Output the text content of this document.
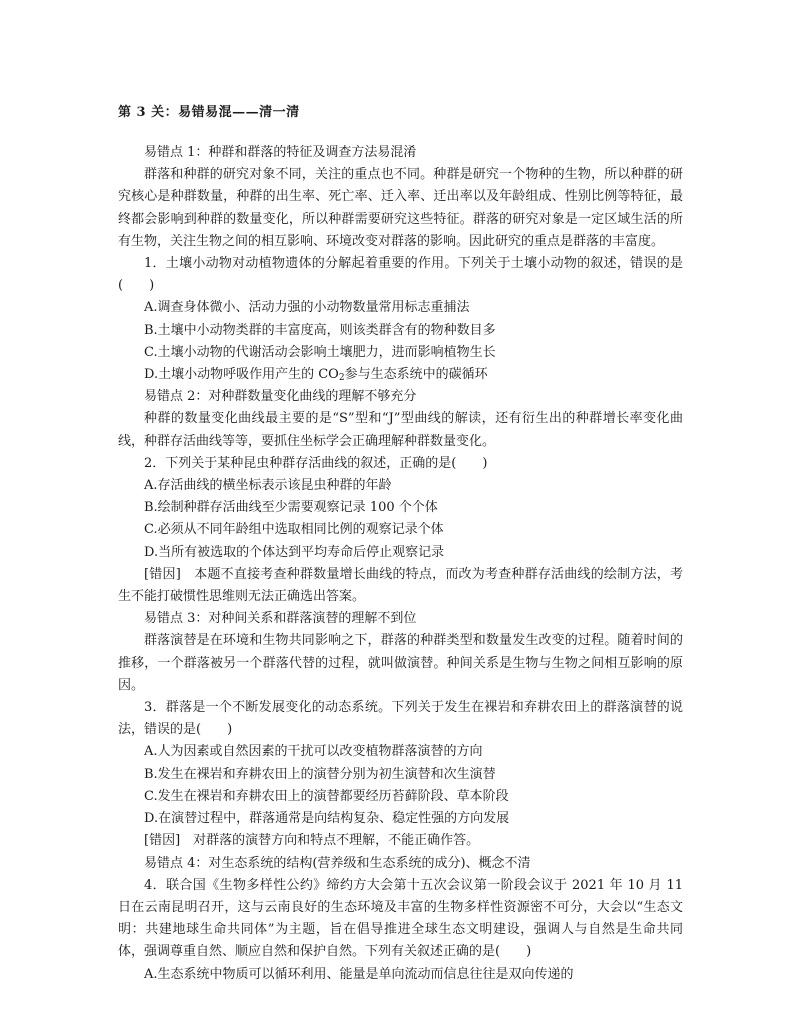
第 3 关：易错易混——清一清

易错点 1：种群和群落的特征及调查方法易混淆

群落和种群的研究对象不同，关注的重点也不同。种群是研究一个物种的生物，所以种群的研究核心是种群数量，种群的出生率、死亡率、迁入率、迁出率以及年龄组成、性别比例等特征，最终都会影响到种群的数量变化，所以种群需要研究这些特征。群落的研究对象是一定区域生活的所有生物，关注生物之间的相互影响、环境改变对群落的影响。因此研究的重点是群落的丰富度。

1．土壤小动物对动植物遗体的分解起着重要的作用。下列关于土壤小动物的叙述，错误的是(　　)

A.调查身体微小、活动力强的小动物数量常用标志重捕法

B.土壤中小动物类群的丰富度高，则该类群含有的物种数目多

C.土壤小动物的代谢活动会影响土壤肥力，进而影响植物生长

D.土壤小动物呼吸作用产生的 $CO_2$参与生态系统中的碳循环

易错点 2：对种群数量变化曲线的理解不够充分

种群的数量变化曲线最主要的是“S”型和“J”型曲线的解读，还有衍生出的种群增长率变化曲线，种群存活曲线等等，要抓住坐标学会正确理解种群数量变化。

2．下列关于某种昆虫种群存活曲线的叙述，正确的是(　　)

A.存活曲线的横坐标表示该昆虫种群的年龄

B.绘制种群存活曲线至少需要观察记录 100 个个体

C.必须从不同年龄组中选取相同比例的观察记录个体

D.当所有被选取的个体达到平均寿命后停止观察记录

[错因]　本题不直接考查种群数量增长曲线的特点，而改为考查种群存活曲线的绘制方法，考生不能打破惯性思维则无法正确选出答案。

易错点 3：对种间关系和群落演替的理解不到位

群落演替是在环境和生物共同影响之下，群落的种群类型和数量发生改变的过程。随着时间的推移，一个群落被另一个群落代替的过程，就叫做演替。种间关系是生物与生物之间相互影响的原因。

3．群落是一个不断发展变化的动态系统。下列关于发生在裸岩和弃耕农田上的群落演替的说法，错误的是(　　)

A.人为因素或自然因素的干扰可以改变植物群落演替的方向

B.发生在裸岩和弃耕农田上的演替分别为初生演替和次生演替

C.发生在裸岩和弃耕农田上的演替都要经历苔藓阶段、草本阶段

D.在演替过程中，群落通常是向结构复杂、稳定性强的方向发展

[错因]　对群落的演替方向和特点不理解，不能正确作答。

易错点 4：对生态系统的结构(营养级和生态系统的成分)、概念不清

4．联合国《生物多样性公约》缔约方大会第十五次会议第一阶段会议于 2021 年 10 月 11 日在云南昆明召开，这与云南良好的生态环境及丰富的生物多样性资源密不可分，大会以“生态文明：共建地球生命共同体”为主题，旨在倡导推进全球生态文明建设，强调人与自然是生命共同体，强调尊重自然、顺应自然和保护自然。下列有关叙述正确的是(　　)

A.生态系统中物质可以循环利用、能量是单向流动而信息往往是双向传递的
